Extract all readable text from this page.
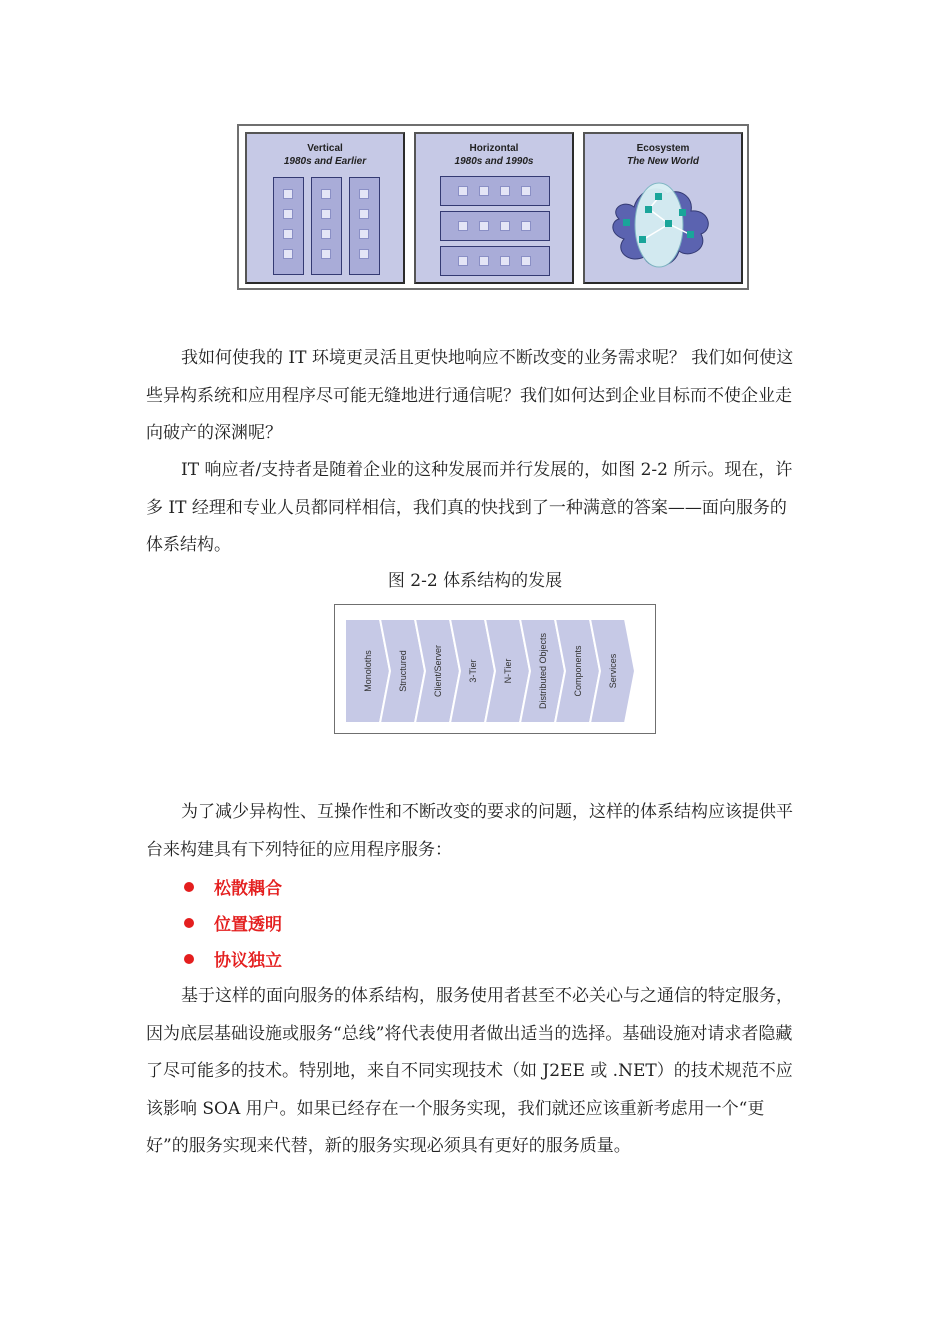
Vertical
1980s and Earlier
Horizontal
1980s and 1990s
Ecosystem
The New World

我如何使我的 IT 环境更灵活且更快地响应不断改变的业务需求呢？ 我们如何使这些异构系统和应用程序尽可能无缝地进行通信呢？我们如何达到企业目标而不使企业走向破产的深渊呢？

IT 响应者/支持者是随着企业的这种发展而并行发展的，如图 2-2 所示。现在，许多 IT 经理和专业人员都同样相信，我们真的快找到了一种满意的答案——面向服务的体系结构。

图 2-2 体系结构的发展
Monoloths	Structured	Client/Server	3-Tier	N-Tier	Distributed Objects	Components	Services

为了减少异构性、互操作性和不断改变的要求的问题，这样的体系结构应该提供平台来构建具有下列特征的应用程序服务：

松散耦合
位置透明
协议独立

基于这样的面向服务的体系结构，服务使用者甚至不必关心与之通信的特定服务，因为底层基础设施或服务“总线”将代表使用者做出适当的选择。基础设施对请求者隐藏了尽可能多的技术。特别地，来自不同实现技术（如 J2EE 或 .NET）的技术规范不应该影响 SOA 用户。如果已经存在一个服务实现，我们就还应该重新考虑用一个“更好”的服务实现来代替，新的服务实现必须具有更好的服务质量。
